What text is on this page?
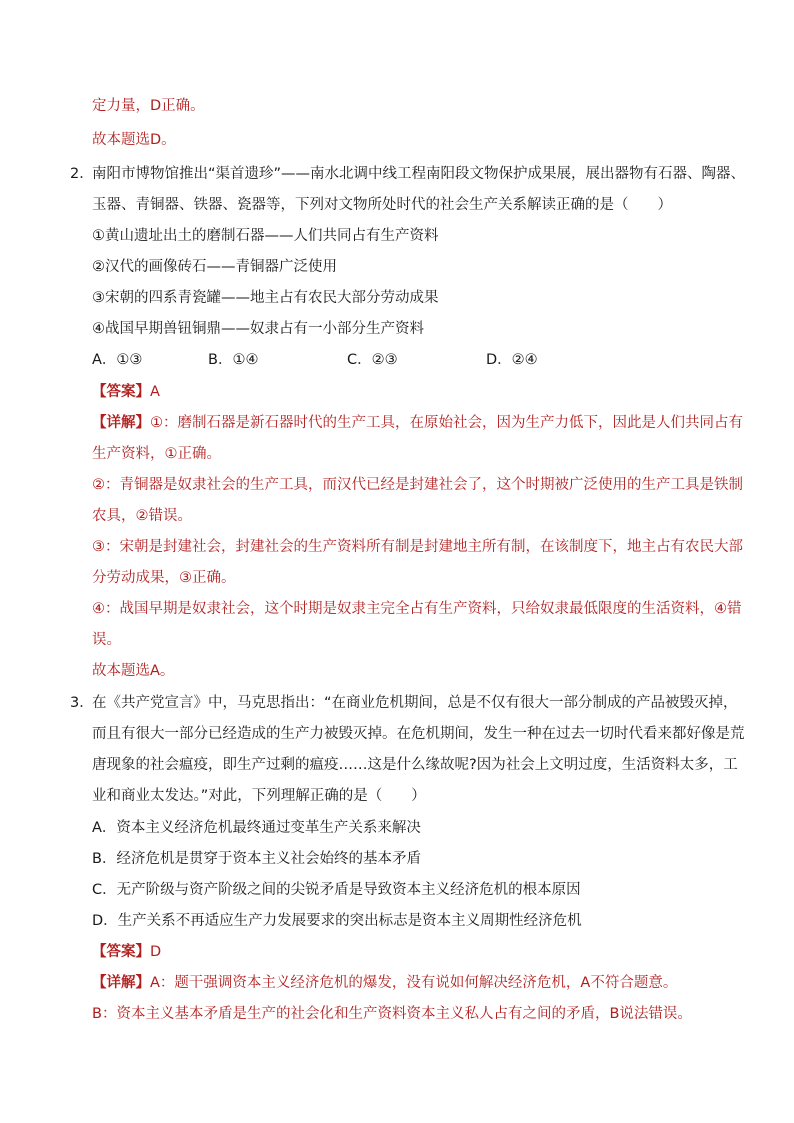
定力量，D正确。
故本题选D。
2．
南阳市博物馆推出“渠首遗珍”——南水北调中线工程南阳段文物保护成果展，展出器物有石器、陶器、
玉器、青铜器、铁器、瓷器等，下列对文物所处时代的社会生产关系解读正确的是（　　）
①黄山遗址出土的磨制石器——人们共同占有生产资料
②汉代的画像砖石——青铜器广泛使用
③宋朝的四系青瓷罐——地主占有农民大部分劳动成果
④战国早期兽钮铜鼎——奴隶占有一小部分生产资料
A．①③	B．①④	C．②③	D．②④
【答案】A
【详解】①：磨制石器是新石器时代的生产工具，在原始社会，因为生产力低下，因此是人们共同占有
生产资料，①正确。
②：青铜器是奴隶社会的生产工具，而汉代已经是封建社会了，这个时期被广泛使用的生产工具是铁制
农具，②错误。
③：宋朝是封建社会，封建社会的生产资料所有制是封建地主所有制，在该制度下，地主占有农民大部
分劳动成果，③正确。
④：战国早期是奴隶社会，这个时期是奴隶主完全占有生产资料，只给奴隶最低限度的生活资料，④错
误。
故本题选A。
3．
在《共产党宣言》中，马克思指出：“在商业危机期间，总是不仅有很大一部分制成的产品被毁灭掉，
而且有很大一部分已经造成的生产力被毁灭掉。在危机期间，发生一种在过去一切时代看来都好像是荒
唐现象的社会瘟疫，即生产过剩的瘟疫……这是什么缘故呢?因为社会上文明过度，生活资料太多，工
业和商业太发达。”对此，下列理解正确的是（　　）
A．资本主义经济危机最终通过变革生产关系来解决
B．经济危机是贯穿于资本主义社会始终的基本矛盾
C．无产阶级与资产阶级之间的尖锐矛盾是导致资本主义经济危机的根本原因
D．生产关系不再适应生产力发展要求的突出标志是资本主义周期性经济危机
【答案】D
【详解】A：题干强调资本主义经济危机的爆发，没有说如何解决经济危机，A不符合题意。
B：资本主义基本矛盾是生产的社会化和生产资料资本主义私人占有之间的矛盾，B说法错误。
